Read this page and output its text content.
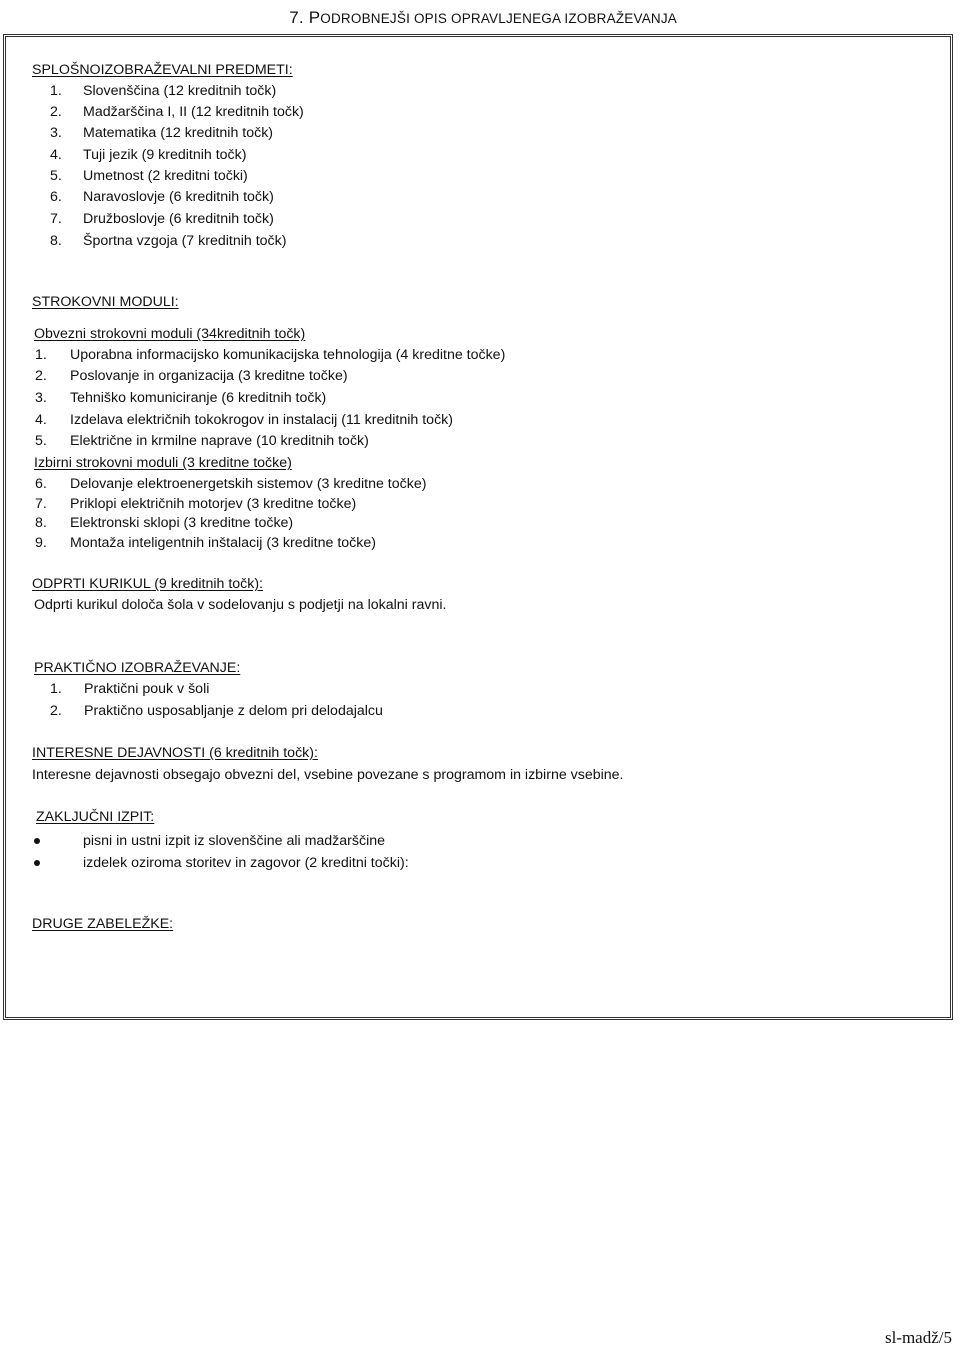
7. PODROBNEJŠI OPIS OPRAVLJENEGA IZOBRAŽEVANJA
SPLOŠNOIZOBRAŽEVALNI PREDMETI:
1. Slovenščina (12 kreditnih točk)
2. Madžarščina I, II (12 kreditnih točk)
3. Matematika (12 kreditnih točk)
4. Tuji jezik (9 kreditnih točk)
5. Umetnost (2 kreditni točki)
6. Naravoslovje (6 kreditnih točk)
7. Družboslovje (6 kreditnih točk)
8. Športna vzgoja (7 kreditnih točk)
STROKOVNI MODULI:
Obvezni strokovni moduli (34kreditnih točk)
1. Uporabna informacijsko komunikacijska tehnologija (4 kreditne točke)
2. Poslovanje in organizacija (3 kreditne točke)
3. Tehniško komuniciranje (6 kreditnih točk)
4. Izdelava električnih tokokrogov in instalacij (11 kreditnih točk)
5. Električne in krmilne naprave (10 kreditnih točk)
Izbirni strokovni moduli (3 kreditne točke)
6. Delovanje elektroenergetskih sistemov (3 kreditne točke)
7. Priklopi električnih motorjev (3 kreditne točke)
8. Elektronski sklopi (3 kreditne točke)
9. Montaža inteligentnih inštalacij (3 kreditne točke)
ODPRTI KURIKUL (9 kreditnih točk):
Odprti kurikul določa šola v sodelovanju s podjetji na lokalni ravni.
PRAKTIČNO IZOBRAŽEVANJE:
1. Praktični pouk v šoli
2. Praktično usposabljanje z delom pri delodajalcu
INTERESNE DEJAVNOSTI (6 kreditnih točk):
Interesne dejavnosti obsegajo obvezni del, vsebine povezane s programom in izbirne vsebine.
ZAKLJUČNI IZPIT:
pisni in ustni izpit iz slovenščine ali madžarščine
izdelek oziroma storitev in zagovor (2 kreditni točki):
DRUGE ZABELEŽKE:
sl-madž/5
